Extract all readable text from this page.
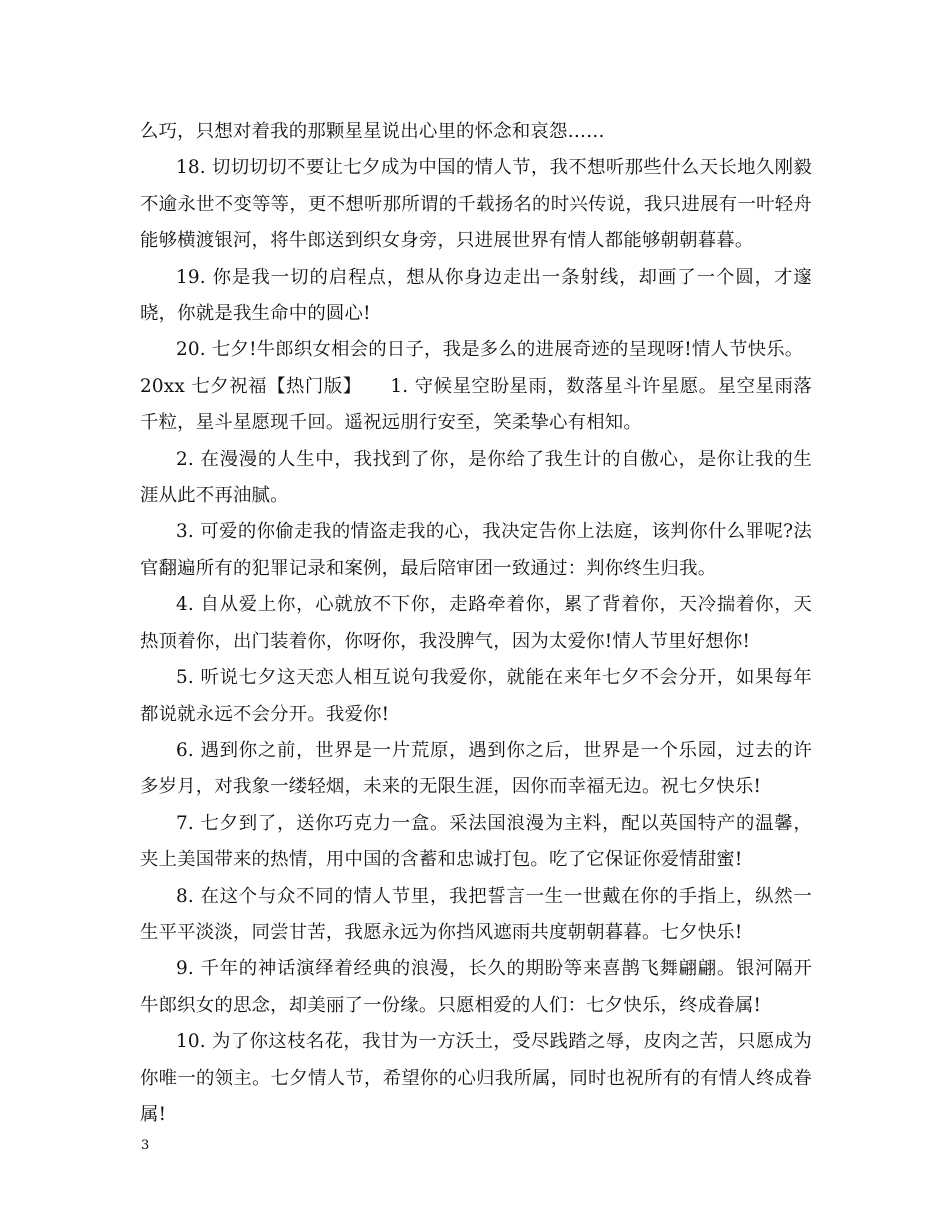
么巧，只想对着我的那颗星星说出心里的怀念和哀怨……

18. 切切切切不要让七夕成为中国的情人节，我不想听那些什么天长地久刚毅不逾永世不变等等，更不想听那所谓的千载扬名的时兴传说，我只进展有一叶轻舟能够横渡银河，将牛郎送到织女身旁，只进展世界有情人都能够朝朝暮暮。

19. 你是我一切的启程点，想从你身边走出一条射线，却画了一个圆，才邃晓，你就是我生命中的圆心!

20. 七夕!牛郎织女相会的日子，我是多么的进展奇迹的呈现呀!情人节快乐。

20xx 七夕祝福【热门版】　　1. 守候星空盼星雨，数落星斗许星愿。星空星雨落千粒，星斗星愿现千回。遥祝远朋行安至，笑柔挚心有相知。

2. 在漫漫的人生中，我找到了你，是你给了我生计的自傲心，是你让我的生涯从此不再油腻。

3. 可爱的你偷走我的情盗走我的心，我决定告你上法庭，该判你什么罪呢?法官翻遍所有的犯罪记录和案例，最后陪审团一致通过：判你终生归我。

4. 自从爱上你，心就放不下你，走路牵着你，累了背着你，天冷揣着你，天热顶着你，出门装着你，你呀你，我没脾气，因为太爱你!情人节里好想你!

5. 听说七夕这天恋人相互说句我爱你，就能在来年七夕不会分开，如果每年都说就永远不会分开。我爱你!

6. 遇到你之前，世界是一片荒原，遇到你之后，世界是一个乐园，过去的许多岁月，对我象一缕轻烟，未来的无限生涯，因你而幸福无边。祝七夕快乐!

7. 七夕到了，送你巧克力一盒。采法国浪漫为主料，配以英国特产的温馨，夹上美国带来的热情，用中国的含蓄和忠诚打包。吃了它保证你爱情甜蜜!

8. 在这个与众不同的情人节里，我把誓言一生一世戴在你的手指上，纵然一生平平淡淡，同尝甘苦，我愿永远为你挡风遮雨共度朝朝暮暮。七夕快乐!

9. 千年的神话演绎着经典的浪漫，长久的期盼等来喜鹊飞舞翩翩。银河隔开牛郎织女的思念，却美丽了一份缘。只愿相爱的人们：七夕快乐，终成眷属!

10. 为了你这枝名花，我甘为一方沃土，受尽践踏之辱，皮肉之苦，只愿成为你唯一的领主。七夕情人节，希望你的心归我所属，同时也祝所有的有情人终成眷属!

3
